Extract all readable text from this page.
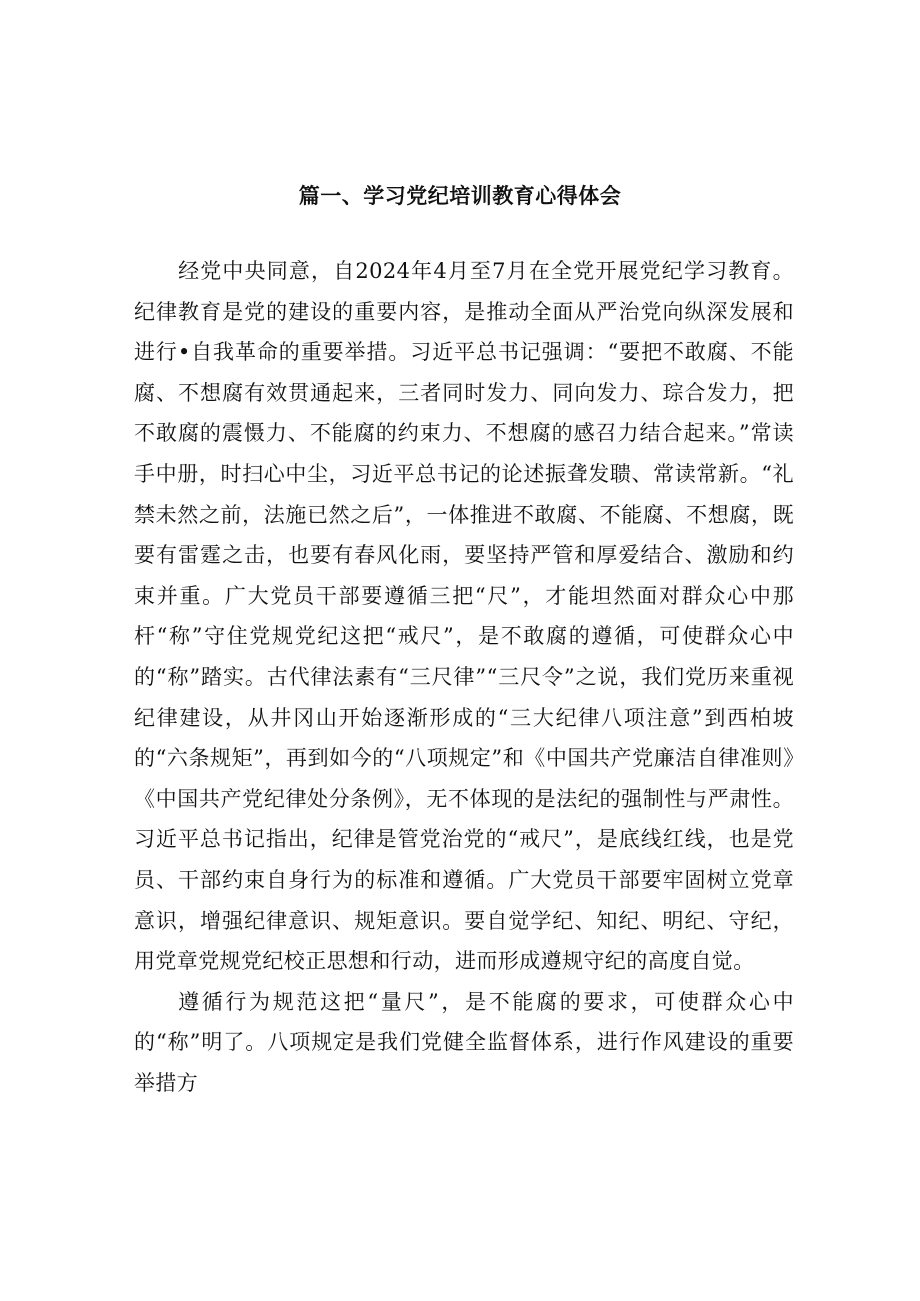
篇一、学习党纪培训教育心得体会

经党中央同意，自2024年4月至7月在全党开展党纪学习教育。纪律教育是党的建设的重要内容，是推动全面从严治党向纵深发展和进行•自我革命的重要举措。习近平总书记强调：“要把不敢腐、不能腐、不想腐有效贯通起来，三者同时发力、同向发力、琮合发力，把不敢腐的震慑力、不能腐的约束力、不想腐的感召力结合起来。”常读手中册，时扫心中尘，习近平总书记的论述振聋发聩、常读常新。“礼禁未然之前，法施已然之后”，一体推进不敢腐、不能腐、不想腐，既要有雷霆之击，也要有春风化雨，要坚持严管和厚爱结合、激励和约束并重。广大党员干部要遵循三把“尺”，才能坦然面对群众心中那杆“称”守住党规党纪这把“戒尺”，是不敢腐的遵循，可使群众心中的“称”踏实。古代律法素有“三尺律”“三尺令”之说，我们党历来重视纪律建设，从井冈山开始逐渐形成的“三大纪律八项注意”到西柏坡的“六条规矩”，再到如今的“八项规定”和《中国共产党廉洁自律准则》《中国共产党纪律处分条例》，无不体现的是法纪的强制性与严肃性。习近平总书记指出，纪律是管党治党的“戒尺”，是底线红线，也是党员、干部约束自身行为的标准和遵循。广大党员干部要牢固树立党章意识，增强纪律意识、规矩意识。要自觉学纪、知纪、明纪、守纪，用党章党规党纪校正思想和行动，进而形成遵规守纪的高度自觉。

遵循行为规范这把“量尺”，是不能腐的要求，可使群众心中的“称”明了。八项规定是我们党健全监督体系，进行作风建设的重要举措方
